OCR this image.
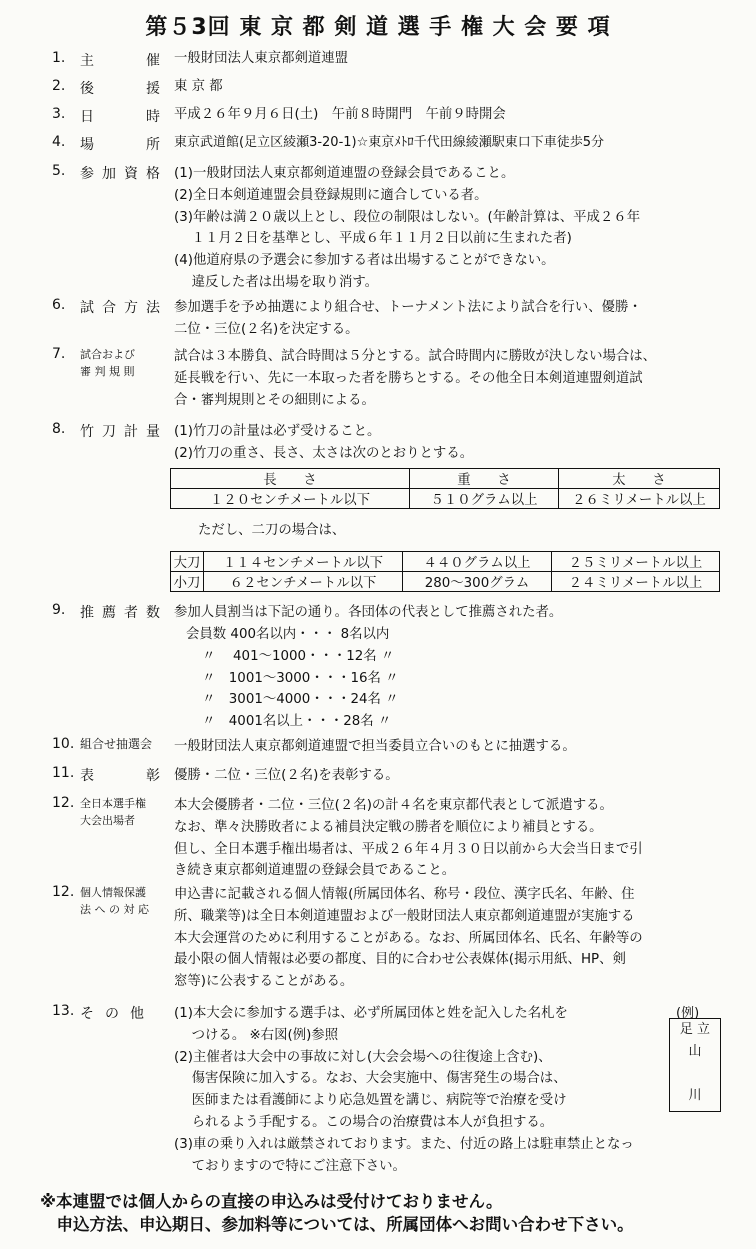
第５3回 東 京 都 剣 道 選 手 権 大 会 要 項
1.	主	催 一般財団法人東京都剣道連盟
2.	後	援 東 京 都
3.	日	時 平成２６年９月６日(土)　午前８時開門　午前９時開会
4.	場	所 東京武道館(足立区綾瀬3-20-1)☆東京ﾒﾄﾛ千代田線綾瀬駅東口下車徒歩5分
5.	参 加 資 格 (1)一般財団法人東京都剣道連盟の登録会員であること。
(2)全日本剣道連盟会員登録規則に適合している者。
(3)年齢は満２０歳以上とし、段位の制限はしない。(年齢計算は、平成２６年
　 １１月２日を基準とし、平成６年１１月２日以前に生まれた者)
(4)他道府県の予選会に参加する者は出場することができない。
　 違反した者は出場を取り消す。
6.	試 合 方 法 参加選手を予め抽選により組合せ、トーナメント法により試合を行い、優勝・
二位・三位(２名)を決定する。
7.	試合および
審 判 規 則
試合は３本勝負、試合時間は５分とする。試合時間内に勝敗が決しない場合は、
延長戦を行い、先に一本取った者を勝ちとする。その他全日本剣道連盟剣道試
合・審判規則とその細則による。
8.	竹 刀 計 量 (1)竹刀の計量は必ず受けること。
(2)竹刀の重さ、長さ、太さは次のとおりとする。
長　　さ	重　　さ	太　　さ
１２０センチメートル以下	５１０グラム以上	２６ミリメートル以上
ただし、二刀の場合は、
大刀	１１４センチメートル以下	４４０グラム以上	２５ミリメートル以上
小刀	６２センチメートル以下	280～300グラム	２４ミリメートル以上
9.	推 薦 者 数 参加人員割当は下記の通り。各団体の代表として推薦された者。
会員数 400名以内・・・ 8名以内
〃　 401～1000・・・12名 〃
〃　1001～3000・・・16名 〃
〃　3001～4000・・・24名 〃
〃　4001名以上・・・28名 〃
10. 組合せ抽選会	一般財団法人東京都剣道連盟で担当委員立合いのもとに抽選する。
11. 表	彰 優勝・二位・三位(２名)を表彰する。
12. 全日本選手権
大会出場者
本大会優勝者・二位・三位(２名)の計４名を東京都代表として派遣する。
なお、準々決勝敗者による補員決定戦の勝者を順位により補員とする。
但し、全日本選手権出場者は、平成２６年４月３０日以前から大会当日まで引
き続き東京都剣道連盟の登録会員であること。
12. 個人情報保護
法 へ の 対 応
申込書に記載される個人情報(所属団体名、称号・段位、漢字氏名、年齢、住
所、職業等)は全日本剣道連盟および一般財団法人東京都剣道連盟が実施する
本大会運営のために利用することがある。なお、所属団体名、氏名、年齢等の
最小限の個人情報は必要の都度、目的に合わせ公表媒体(掲示用紙、HP、剣
窓等)に公表することがある。
13. そ の 他 (1)本大会に参加する選手は、必ず所属団体と姓を記入した名札を
　 つける。 ※右図(例)参照
(2)主催者は大会中の事故に対し(大会会場への往復途上含む)、
　 傷害保険に加入する。なお、大会実施中、傷害発生の場合は、
　 医師または看護師により応急処置を講じ、病院等で治療を受け
　 られるよう手配する。この場合の治療費は本人が負担する。
(3)車の乗り入れは厳禁されております。また、付近の路上は駐車禁止となっ
　 ておりますので特にご注意下さい。
(例)
足 立
山

川
※本連盟では個人からの直接の申込みは受付けておりません。
　申込方法、申込期日、参加料等については、所属団体へお問い合わせ下さい。
